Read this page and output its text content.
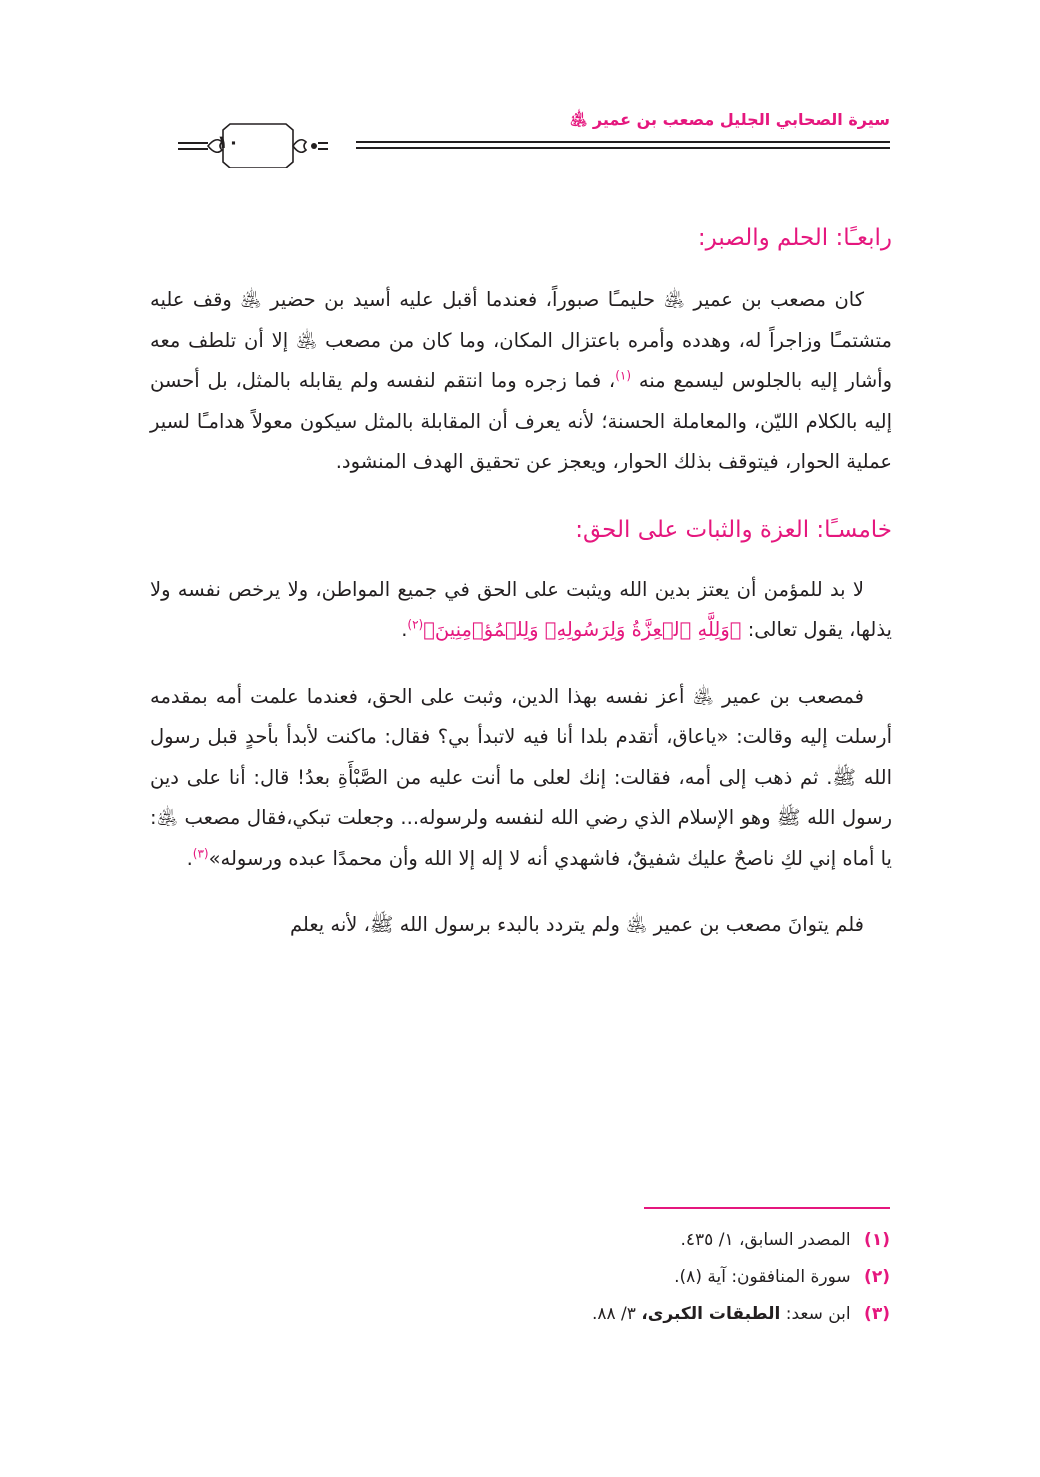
سيرة الصحابي الجليل مصعب بن عمير ﵁
١٠
رابعـًا: الحلم والصبر:

كان مصعب بن عمير ﵁ حليمـًا صبوراً، فعندما أقبل عليه أسيد بن حضير ﵁ وقف عليه متشتمـًا وزاجراً له، وهدده وأمره باعتزال المكان، وما كان من مصعب ﵁ إلا أن تلطف معه وأشار إليه بالجلوس ليسمع منه $^{(١)}$، فما زجره وما انتقم لنفسه ولم يقابله بالمثل، بل أحسن إليه بالكلام الليّن، والمعاملة الحسنة؛ لأنه يعرف أن المقابلة بالمثل سيكون معولاً هدامـًا لسير عملية الحوار، فيتوقف بذلك الحوار، ويعجز عن تحقيق الهدف المنشود.

خامسـًا: العزة والثبات على الحق:

لا بد للمؤمن أن يعتز بدين الله ويثبت على الحق في جميع المواطن، ولا يرخص نفسه ولا يذلها، يقول تعالى: ﴿وَلِلَّهِ ٱلۡعِزَّةُ وَلِرَسُولِهِۦ وَلِلۡمُؤۡمِنِينَ﴾$^{(٢)}$.

فمصعب بن عمير ﵁ أعز نفسه بهذا الدين، وثبت على الحق، فعندما علمت أمه بمقدمه أرسلت إليه وقالت: «ياعاق، أتقدم بلدا أنا فيه لاتبدأ بي؟ فقال: ماكنت لأبدأ بأحدٍ قبل رسول الله ﷺ. ثم ذهب إلى أمه، فقالت: إنك لعلى ما أنت عليه من الصَّبْأَةِ بعدُ! قال: أنا على دين رسول الله ﷺ وهو الإسلام الذي رضي الله لنفسه ولرسوله... وجعلت تبكي،فقال مصعب ﵁: يا أماه إني لكِ ناصحٌ عليك شفيقٌ، فاشهدي أنه لا إله إلا الله وأن محمدًا عبده ورسوله»$^{(٣)}$.

فلم يتوانَ مصعب بن عمير ﵁ ولم يتردد بالبدء برسول الله ﷺ، لأنه يعلم

(١) المصدر السابق، ١/ ٤٣٥.

(٢) سورة المنافقون: آية (٨).

(٣) ابن سعد: الطبقات الكبرى، ٣/ ٨٨.
